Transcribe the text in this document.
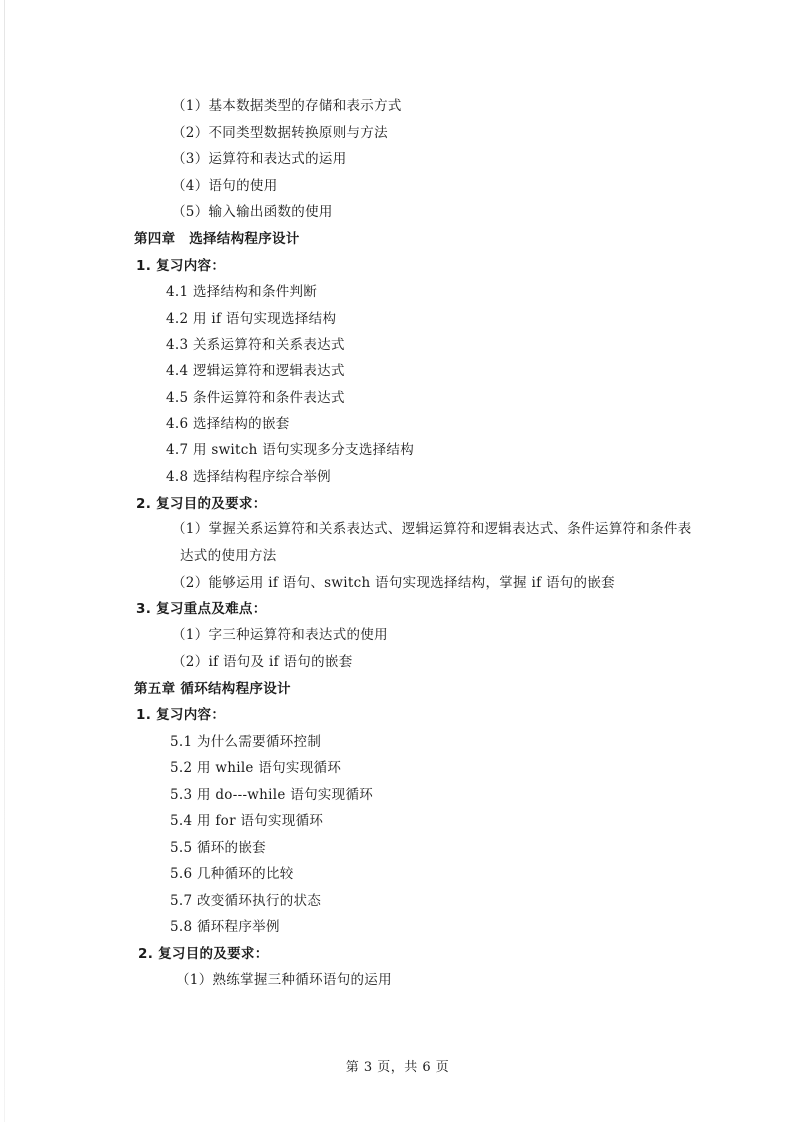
（1）基本数据类型的存储和表示方式
（2）不同类型数据转换原则与方法
（3）运算符和表达式的运用
（4）语句的使用
（5）输入输出函数的使用
第四章　选择结构程序设计
1. 复习内容：
4.1 选择结构和条件判断
4.2 用 if 语句实现选择结构
4.3 关系运算符和关系表达式
4.4 逻辑运算符和逻辑表达式
4.5 条件运算符和条件表达式
4.6 选择结构的嵌套
4.7 用 switch 语句实现多分支选择结构
4.8 选择结构程序综合举例
2. 复习目的及要求：
（1）掌握关系运算符和关系表达式、逻辑运算符和逻辑表达式、条件运算符和条件表
达式的使用方法
（2）能够运用 if 语句、switch 语句实现选择结构，掌握 if 语句的嵌套
3. 复习重点及难点：
（1）字三种运算符和表达式的使用
（2）if 语句及 if 语句的嵌套
第五章 循环结构程序设计
1. 复习内容：
5.1 为什么需要循环控制
5.2 用 while 语句实现循环
5.3 用 do---while 语句实现循环
5.4 用 for 语句实现循环
5.5 循环的嵌套
5.6 几种循环的比较
5.7 改变循环执行的状态
5.8 循环程序举例
2. 复习目的及要求：
（1）熟练掌握三种循环语句的运用
第 3 页，共 6 页
